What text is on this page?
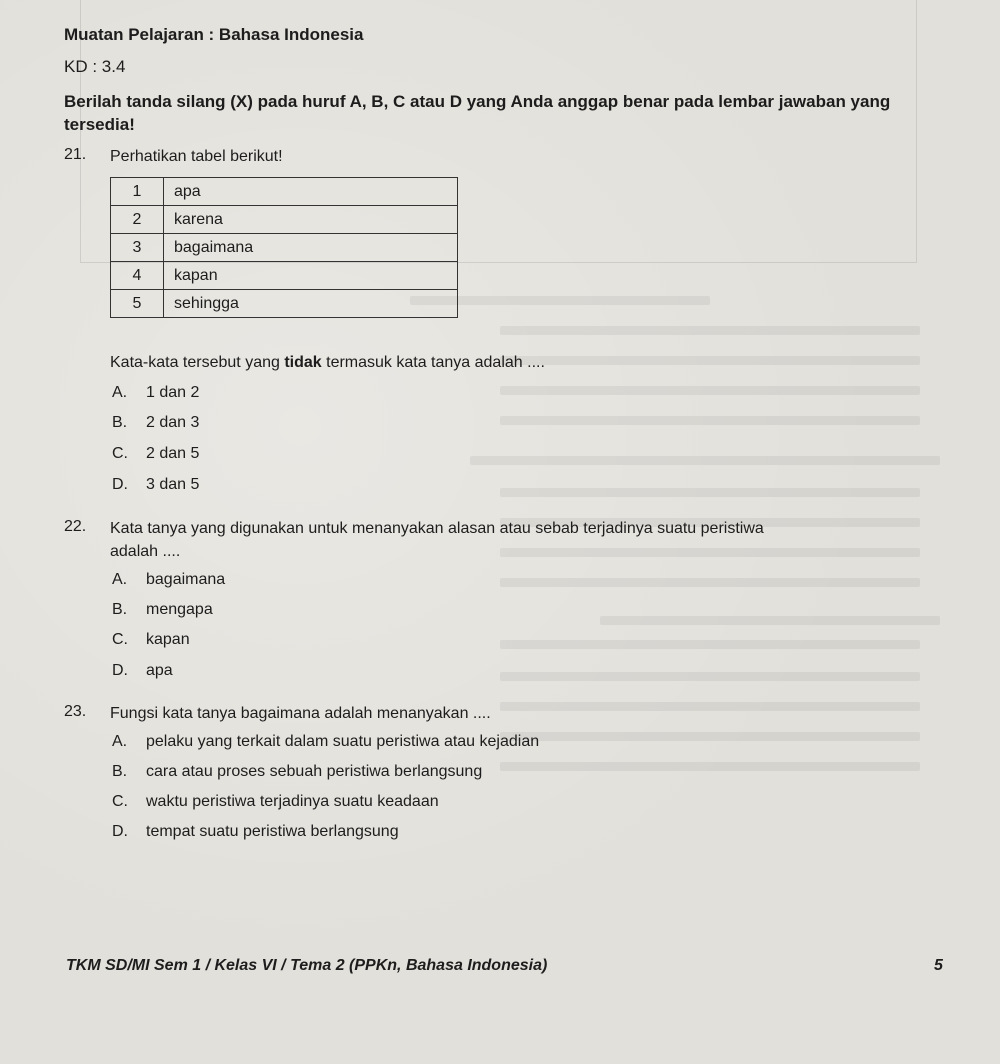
Muatan Pelajaran : Bahasa Indonesia
KD : 3.4
Berilah tanda silang (X) pada huruf A, B, C atau D yang Anda anggap benar pada lembar jawaban yang tersedia!
21. Perhatikan tabel berikut!
1	apa
2	karena
3	bagaimana
4	kapan
5	sehingga
Kata-kata tersebut yang tidak termasuk kata tanya adalah ....
A. 1 dan 2
B. 2 dan 3
C. 2 dan 5
D. 3 dan 5
22. Kata tanya yang digunakan untuk menanyakan alasan atau sebab terjadinya suatu peristiwa
adalah ....
A. bagaimana
B. mengapa
C. kapan
D. apa
23. Fungsi kata tanya bagaimana adalah menanyakan ....
A. pelaku yang terkait dalam suatu peristiwa atau kejadian
B. cara atau proses sebuah peristiwa berlangsung
C. waktu peristiwa terjadinya suatu keadaan
D. tempat suatu peristiwa berlangsung
TKM SD/MI Sem 1 / Kelas VI / Tema 2 (PPKn, Bahasa Indonesia)	5
